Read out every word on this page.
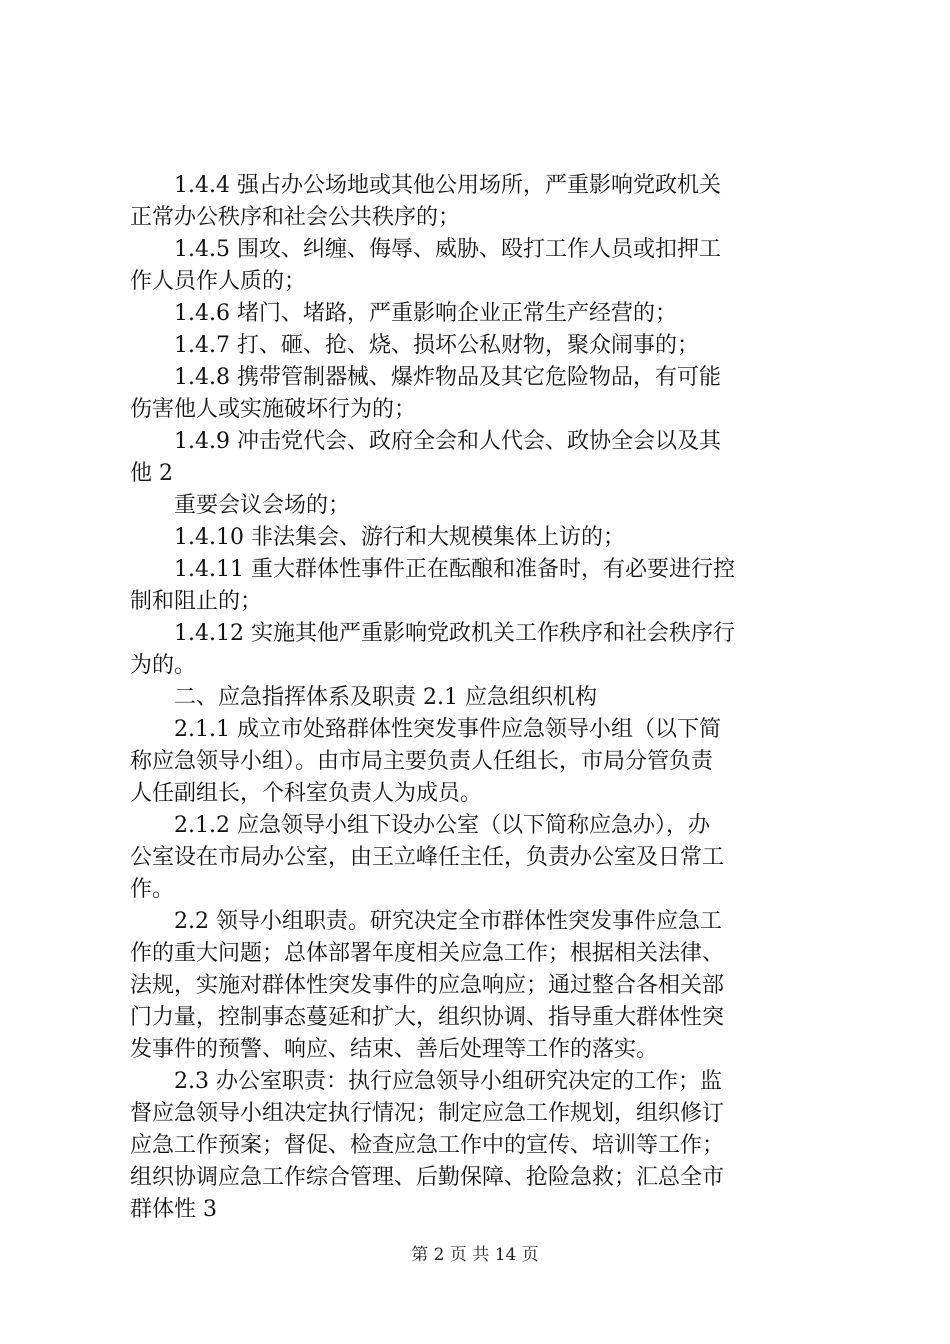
　　1.4.4 强占办公场地或其他公用场所，严重影响党政机关
正常办公秩序和社会公共秩序的；
　　1.4.5 围攻、纠缠、侮辱、威胁、殴打工作人员或扣押工
作人员作人质的；
　　1.4.6 堵门、堵路，严重影响企业正常生产经营的；
　　1.4.7 打、砸、抢、烧、损坏公私财物，聚众闹事的；
　　1.4.8 携带管制器械、爆炸物品及其它危险物品，有可能
伤害他人或实施破坏行为的；
　　1.4.9 冲击党代会、政府全会和人代会、政协全会以及其
他 2
　　重要会议会场的；
　　1.4.10 非法集会、游行和大规模集体上访的；
　　1.4.11 重大群体性事件正在酝酿和准备时，有必要进行控
制和阻止的；
　　1.4.12 实施其他严重影响党政机关工作秩序和社会秩序行
为的。
　　二、应急指挥体系及职责 2.1 应急组织机构
　　2.1.1 成立市处臵群体性突发事件应急领导小组（以下简
称应急领导小组）。由市局主要负责人任组长，市局分管负责
人任副组长，个科室负责人为成员。
　　2.1.2 应急领导小组下设办公室（以下简称应急办），办
公室设在市局办公室，由王立峰任主任，负责办公室及日常工
作。
　　2.2 领导小组职责。研究决定全市群体性突发事件应急工
作的重大问题；总体部署年度相关应急工作；根据相关法律、
法规，实施对群体性突发事件的应急响应；通过整合各相关部
门力量，控制事态蔓延和扩大，组织协调、指导重大群体性突
发事件的预警、响应、结束、善后处理等工作的落实。
　　2.3 办公室职责：执行应急领导小组研究决定的工作；监
督应急领导小组决定执行情况；制定应急工作规划，组织修订
应急工作预案；督促、检查应急工作中的宣传、培训等工作；
组织协调应急工作综合管理、后勤保障、抢险急救；汇总全市
群体性 3
第 2 页 共 14 页
